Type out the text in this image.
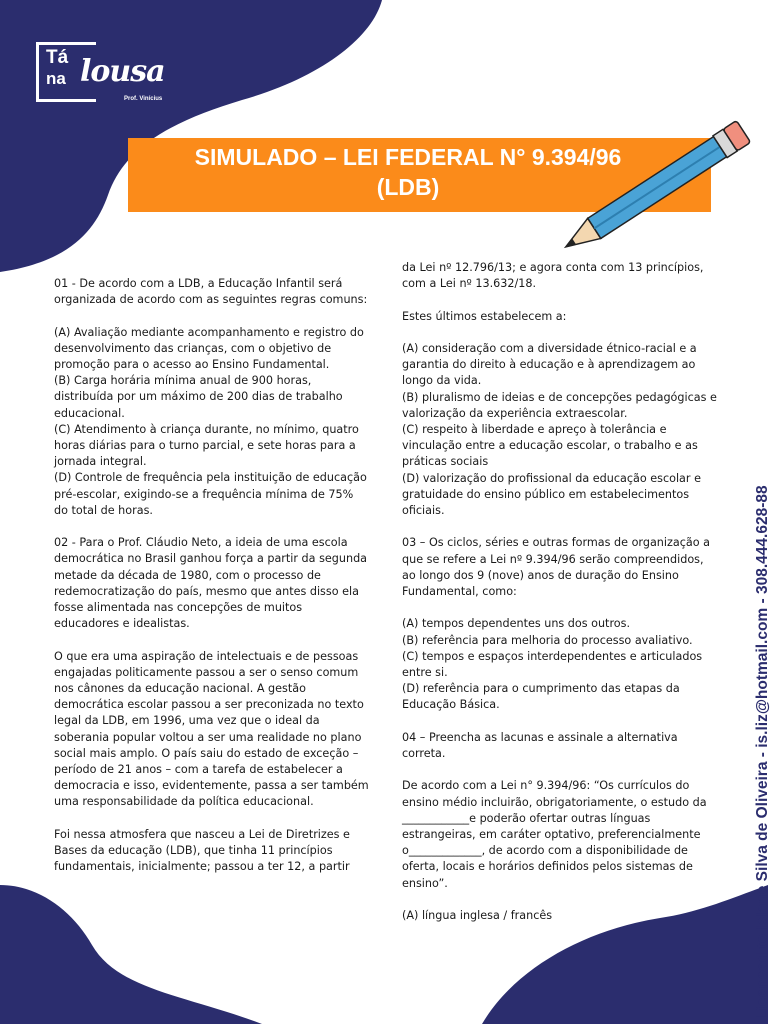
Tá
na lousa
Prof. Vinícius
SIMULADO – LEI FEDERAL N° 9.394/96
(LDB)

01 - De acordo com a LDB, a Educação Infantil será organizada de acordo com as seguintes regras comuns:

(A) Avaliação mediante acompanhamento e registro do desenvolvimento das crianças, com o objetivo de promoção para o acesso ao Ensino Fundamental.

(B) Carga horária mínima anual de 900 horas, distribuída por um máximo de 200 dias de trabalho educacional.

(C) Atendimento à criança durante, no mínimo, quatro horas diárias para o turno parcial, e sete horas para a jornada integral.

(D) Controle de frequência pela instituição de educação pré-escolar, exigindo-se a frequência mínima de 75% do total de horas.

02 - Para o Prof. Cláudio Neto, a ideia de uma escola democrática no Brasil ganhou força a partir da segunda metade da década de 1980, com o processo de redemocratização do país, mesmo que antes disso ela fosse alimentada nas concepções de muitos educadores e idealistas.

O que era uma aspiração de intelectuais e de pessoas engajadas politicamente passou a ser o senso comum nos cânones da educação nacional. A gestão democrática escolar passou a ser preconizada no texto legal da LDB, em 1996, uma vez que o ideal da soberania popular voltou a ser uma realidade no plano social mais amplo. O país saiu do estado de exceção – período de 21 anos – com a tarefa de estabelecer a democracia e isso, evidentemente, passa a ser também uma responsabilidade da política educacional.

Foi nessa atmosfera que nasceu a Lei de Diretrizes e Bases da educação (LDB), que tinha 11 princípios fundamentais, inicialmente; passou a ter 12, a partir

da Lei nº 12.796/13; e agora conta com 13 princípios, com a Lei nº 13.632/18.

Estes últimos estabelecem a:

(A) consideração com a diversidade étnico-racial e a garantia do direito à educação e à aprendizagem ao longo da vida.

(B) pluralismo de ideias e de concepções pedagógicas e valorização da experiência extraescolar.

(C) respeito à liberdade e apreço à tolerância e vinculação entre a educação escolar, o trabalho e as práticas sociais

(D) valorização do profissional da educação escolar e gratuidade do ensino público em estabelecimentos oficiais.

03 – Os ciclos, séries e outras formas de organização a que se refere a Lei nº 9.394/96 serão compreendidos, ao longo dos 9 (nove) anos de duração do Ensino Fundamental, como:

(A) tempos dependentes uns dos outros.

(B) referência para melhoria do processo avaliativo.

(C) tempos e espaços interdependentes e articulados entre si.

(D) referência para o cumprimento das etapas da Educação Básica.

04 – Preencha as lacunas e assinale a alternativa correta.

De acordo com a Lei n° 9.394/96: “Os currículos do ensino médio incluirão, obrigatoriamente, o estudo da ____________e poderão ofertar outras línguas estrangeiras, em caráter optativo, preferencialmente o_____________, de acordo com a disponibilidade de oferta, locais e horários definidos pelos sistemas de ensino”.

(A) língua inglesa / francês	Licensed to Islane Silva de Oliveira - is.liz@hotmail.com - 308.444.628-88
